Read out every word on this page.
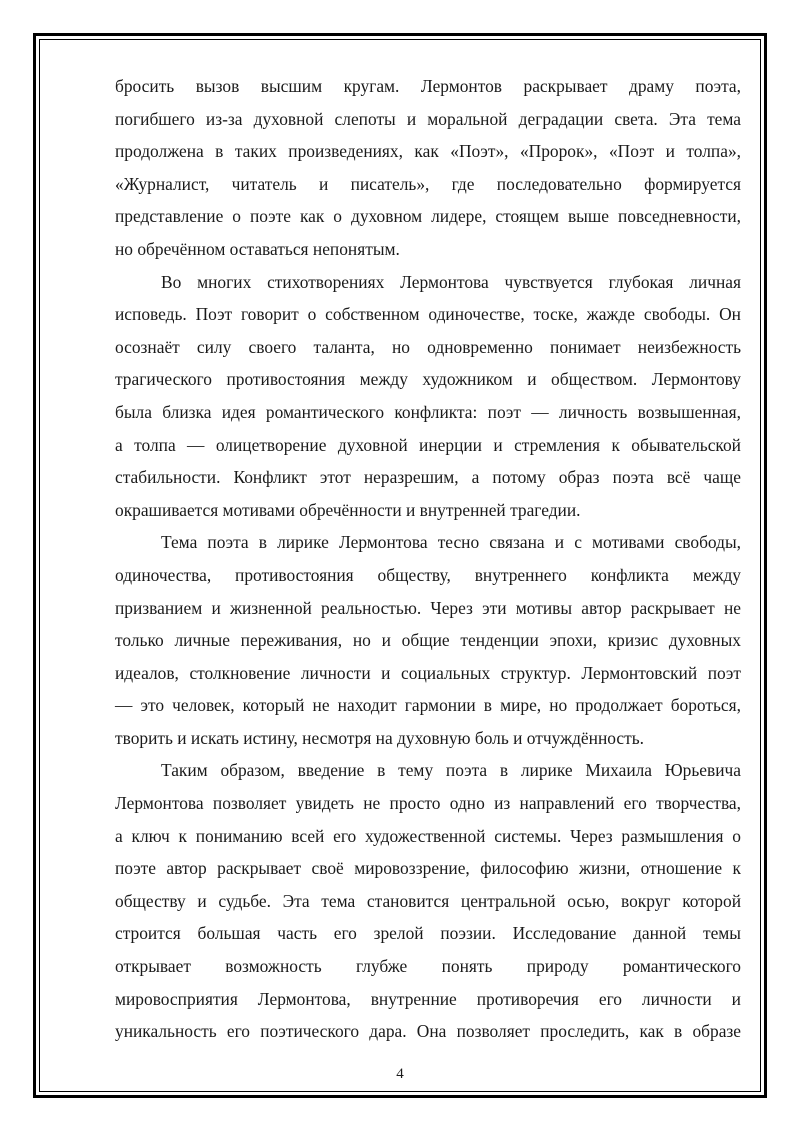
бросить вызов высшим кругам. Лермонтов раскрывает драму поэта,
погибшего из-за духовной слепоты и моральной деградации света. Эта тема
продолжена в таких произведениях, как «Поэт», «Пророк», «Поэт и толпа»,
«Журналист, читатель и писатель», где последовательно формируется
представление о поэте как о духовном лидере, стоящем выше повседневности,
но обречённом оставаться непонятым.
Во многих стихотворениях Лермонтова чувствуется глубокая личная
исповедь. Поэт говорит о собственном одиночестве, тоске, жажде свободы. Он
осознаёт силу своего таланта, но одновременно понимает неизбежность
трагического противостояния между художником и обществом. Лермонтову
была близка идея романтического конфликта: поэт — личность возвышенная,
а толпа — олицетворение духовной инерции и стремления к обывательской
стабильности. Конфликт этот неразрешим, а потому образ поэта всё чаще
окрашивается мотивами обречённости и внутренней трагедии.
Тема поэта в лирике Лермонтова тесно связана и с мотивами свободы,
одиночества, противостояния обществу, внутреннего конфликта между
призванием и жизненной реальностью. Через эти мотивы автор раскрывает не
только личные переживания, но и общие тенденции эпохи, кризис духовных
идеалов, столкновение личности и социальных структур. Лермонтовский поэт
— это человек, который не находит гармонии в мире, но продолжает бороться,
творить и искать истину, несмотря на духовную боль и отчуждённость.
Таким образом, введение в тему поэта в лирике Михаила Юрьевича
Лермонтова позволяет увидеть не просто одно из направлений его творчества,
а ключ к пониманию всей его художественной системы. Через размышления о
поэте автор раскрывает своё мировоззрение, философию жизни, отношение к
обществу и судьбе. Эта тема становится центральной осью, вокруг которой
строится большая часть его зрелой поэзии. Исследование данной темы
открывает возможность глубже понять природу романтического
мировосприятия Лермонтова, внутренние противоречия его личности и
уникальность его поэтического дара. Она позволяет проследить, как в образе
4
